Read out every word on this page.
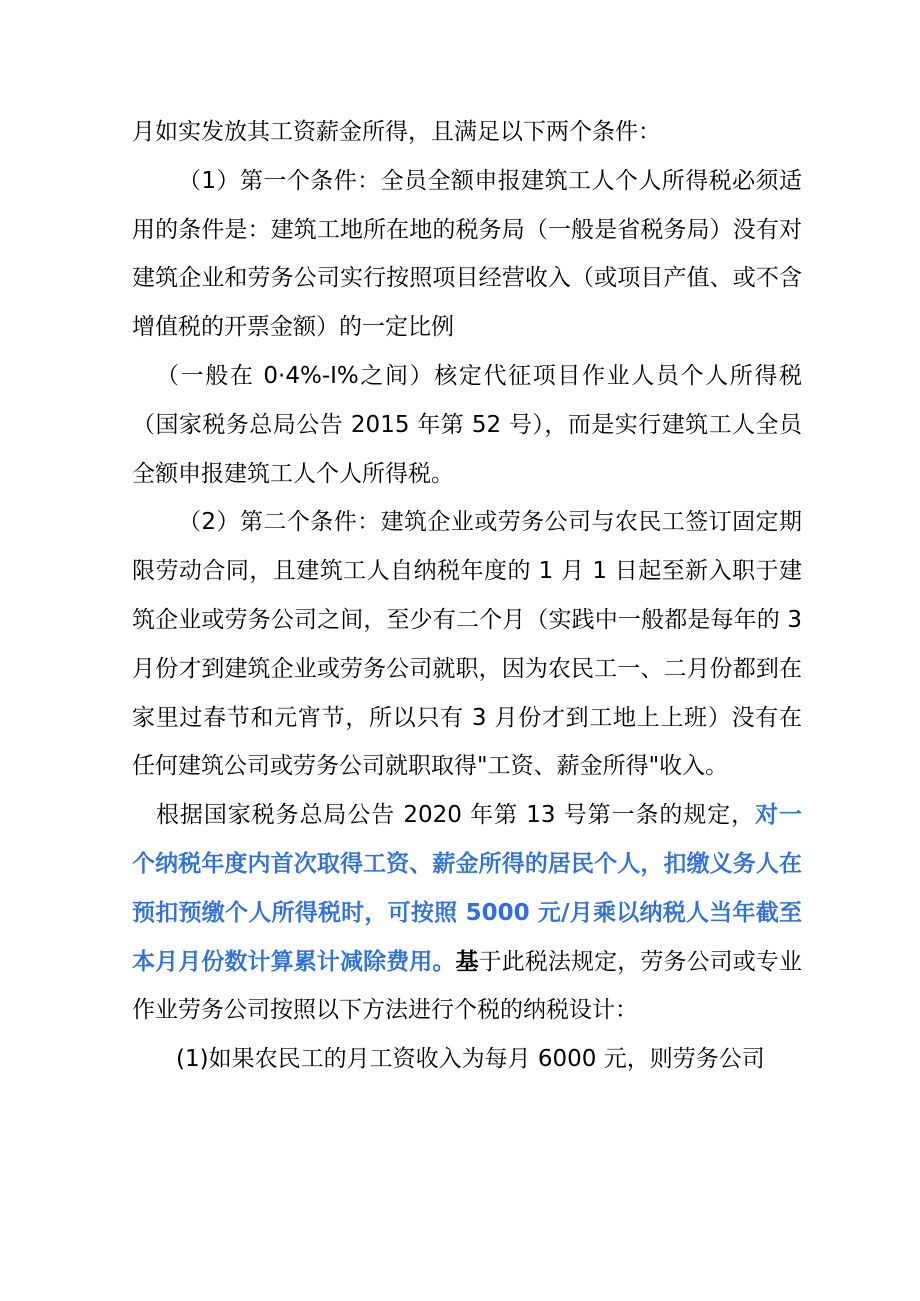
月如实发放其工资薪金所得，且满足以下两个条件：

（1）第一个条件：全员全额申报建筑工人个人所得税必须适用的条件是：建筑工地所在地的税务局（一般是省税务局）没有对建筑企业和劳务公司实行按照项目经营收入（或项目产值、或不含增值税的开票金额）的一定比例

（一般在 0·4%-I%之间）核定代征项目作业人员个人所得税（国家税务总局公告 2015 年第 52 号），而是实行建筑工人全员全额申报建筑工人个人所得税。

（2）第二个条件：建筑企业或劳务公司与农民工签订固定期限劳动合同，且建筑工人自纳税年度的 1 月 1 日起至新入职于建筑企业或劳务公司之间，至少有二个月（实践中一般都是每年的 3 月份才到建筑企业或劳务公司就职，因为农民工一、二月份都到在家里过春节和元宵节，所以只有 3 月份才到工地上上班）没有在任何建筑公司或劳务公司就职取得"工资、薪金所得"收入。

根据国家税务总局公告 2020 年第 13 号第一条的规定，对一个纳税年度内首次取得工资、薪金所得的居民个人，扣缴义务人在预扣预缴个人所得税时，可按照 5000 元/月乘以纳税人当年截至本月月份数计算累计减除费用。基于此税法规定，劳务公司或专业作业劳务公司按照以下方法进行个税的纳税设计：

(1)如果农民工的月工资收入为每月 6000 元，则劳务公司
